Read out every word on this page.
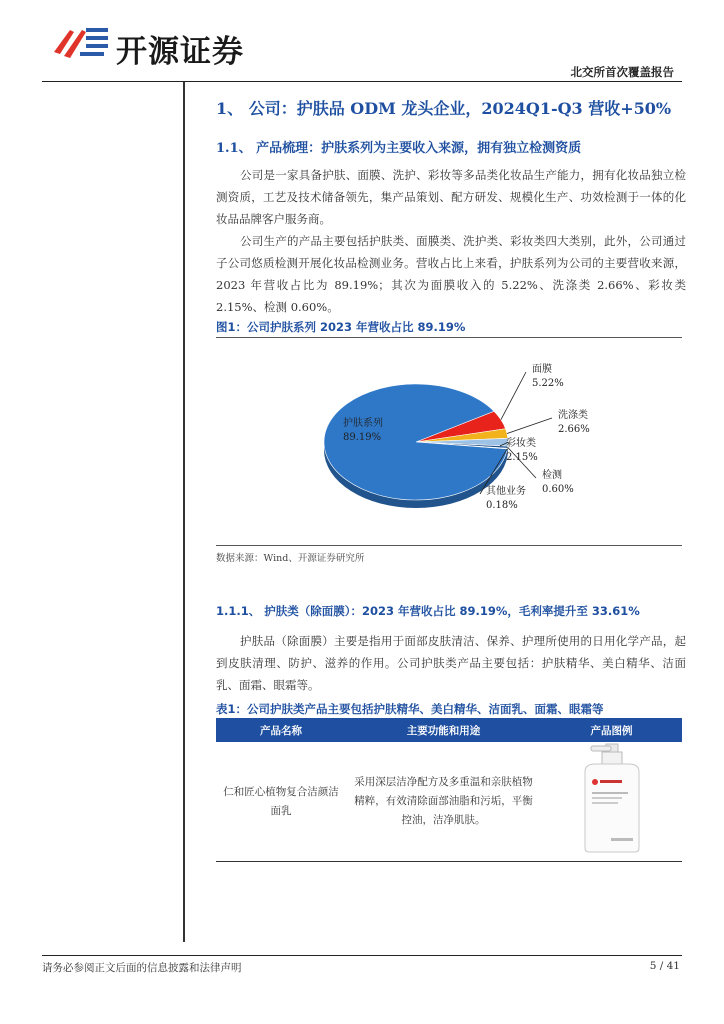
开源证券
北交所首次覆盖报告
1、 公司：护肤品 ODM 龙头企业，2024Q1-Q3 营收+50%
1.1、 产品梳理：护肤系列为主要收入来源，拥有独立检测资质

公司是一家具备护肤、面膜、洗护、彩妆等多品类化妆品生产能力，拥有化妆品独立检测资质，工艺及技术储备领先，集产品策划、配方研发、规模化生产、功效检测于一体的化妆品品牌客户服务商。

公司生产的产品主要包括护肤类、面膜类、洗护类、彩妆类四大类别，此外，公司通过子公司悠质检测开展化妆品检测业务。营收占比上来看，护肤系列为公司的主要营收来源，2023 年营收占比为 89.19%；其次为面膜收入的 5.22%、洗涤类 2.66%、彩妆类 2.15%、检测 0.60%。

图1：公司护肤系列 2023 年营收占比 89.19%
面膜
5.22%
洗涤类
2.66%
彩妆类
2.15%
检测
0.60%
其他业务
0.18%
护肤系列
89.19%
数据来源：Wind、开源证券研究所
1.1.1、 护肤类（除面膜）：2023 年营收占比 89.19%，毛利率提升至 33.61%

护肤品（除面膜）主要是指用于面部皮肤清洁、保养、护理所使用的日用化学产品，起到皮肤清理、防护、滋养的作用。公司护肤类产品主要包括：护肤精华、美白精华、洁面乳、面霜、眼霜等。

表1：公司护肤类产品主要包括护肤精华、美白精华、洁面乳、面霜、眼霜等
产品名称	主要功能和用途	产品图例
仁和匠心植物复合洁颜洁面乳	采用深层洁净配方及多重温和亲肤植物精粹，有效清除面部油脂和污垢，平衡控油，洁净肌肤。	
请务必参阅正文后面的信息披露和法律声明	5 / 41
